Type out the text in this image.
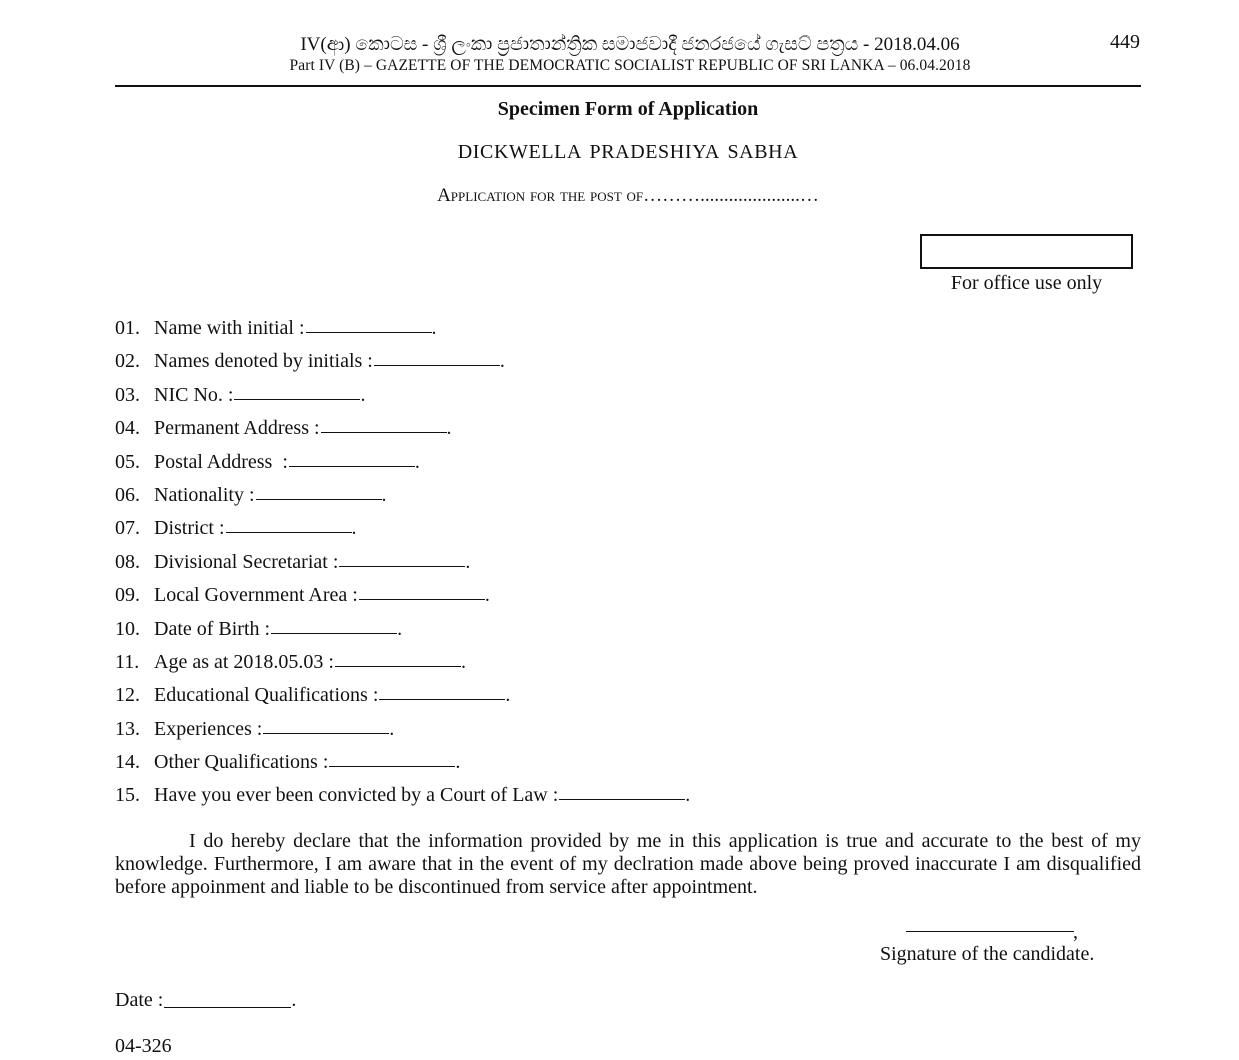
IV(ආ) කොටස - ශ්‍රී ලංකා ප්‍රජාතාන්ත්‍රික සමාජවාදී ජනරජයේ ගැසට් පත්‍රය - 2018.04.06
Part IV (B) – GAZETTE OF THE DEMOCRATIC SOCIALIST REPUBLIC OF SRI LANKA – 06.04.2018
449
Specimen Form of Application
DICKWELLA PRADESHIYA SABHA
Application for the post of……….....................…
For office use only
01. Name with initial :	.
02. Names denoted by initials :	.
03. NIC No. :	.
04. Permanent Address :	.
05. Postal Address  :	.
06. Nationality :	.
07. District :	.
08. Divisional Secretariat :	.
09. Local Government Area :	.
10. Date of Birth :	.
11. Age as at 2018.05.03 :	.
12. Educational Qualifications :	.
13. Experiences :	.
14. Other Qualifications :	.
15. Have you ever been convicted by a Court of Law :	.

I do hereby declare that the information provided by me in this application is true and accurate to the best of my knowledge. Furthermore, I am aware that in the event of my declration made above being proved inaccurate I am disqualified before appoinment and liable to be discontinued from service after appointment.

,
Signature of the candidate.
Date :	.
04-326
